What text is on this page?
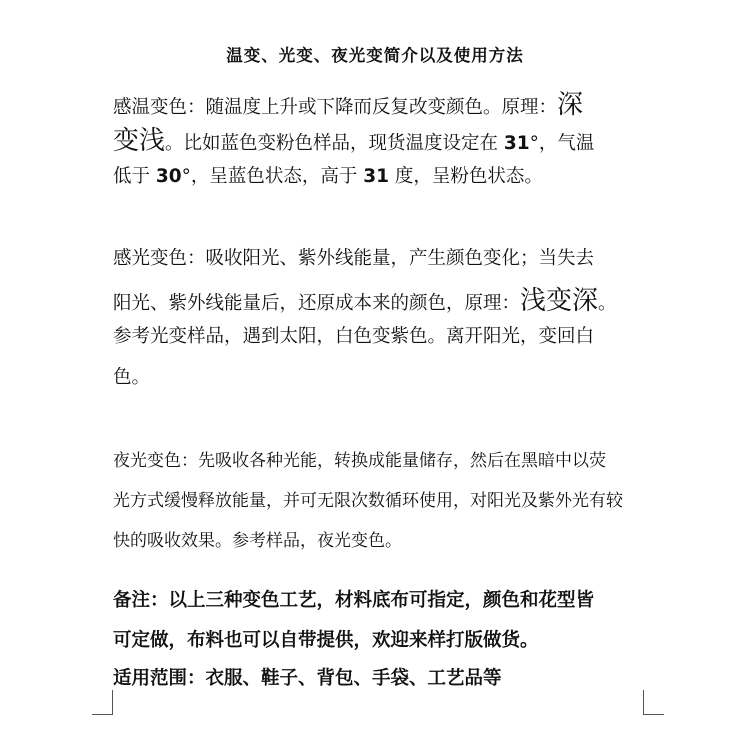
温变、光变、夜光变简介以及使用方法
感温变色：随温度上升或下降而反复改变颜色。原理：深
变浅。比如蓝色变粉色样品，现货温度设定在 31°，气温
低于 30°，呈蓝色状态，高于 31 度，呈粉色状态。
感光变色：吸收阳光、紫外线能量，产生颜色变化；当失去
阳光、紫外线能量后，还原成本来的颜色，原理：浅变深。
参考光变样品，遇到太阳，白色变紫色。离开阳光，变回白
色。
夜光变色：先吸收各种光能，转换成能量储存，然后在黑暗中以荧
光方式缓慢释放能量，并可无限次数循环使用，对阳光及紫外光有较
快的吸收效果。参考样品，夜光变色。
备注：以上三种变色工艺，材料底布可指定，颜色和花型皆
可定做，布料也可以自带提供，欢迎来样打版做货。
适用范围：衣服、鞋子、背包、手袋、工艺品等
